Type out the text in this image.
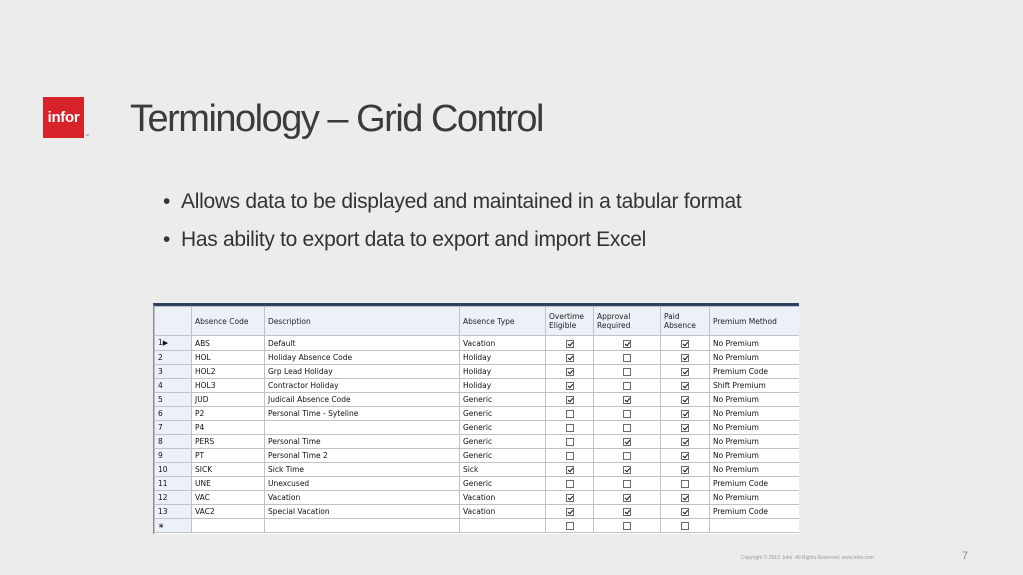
infor
™ Terminology – Grid Control
• Allows data to be displayed and maintained in a tabular format
• Has ability to export data to export and import Excel
	Absence Code	Description	Absence Type	Overtime Eligible	Approval Required	Paid Absence	Premium Method
1▶	ABS	Default	Vacation				No Premium
2	HOL	Holiday Absence Code	Holiday				No Premium
3	HOL2	Grp Lead Holiday	Holiday				Premium Code
4	HOL3	Contractor Holiday	Holiday				Shift Premium
5	JUD	Judicail Absence Code	Generic				No Premium
6	P2	Personal Time - Syteline	Generic				No Premium
7	P4		Generic				No Premium
8	PERS	Personal Time	Generic				No Premium
9	PT	Personal Time 2	Generic				No Premium
10	SICK	Sick Time	Sick				No Premium
11	UNE	Unexcused	Generic				Premium Code
12	VAC	Vacation	Vacation				No Premium
13	VAC2	Special Vacation	Vacation				Premium Code
∗							
Copyright © 2012. Infor. All Rights Reserved. www.infor.com	7
